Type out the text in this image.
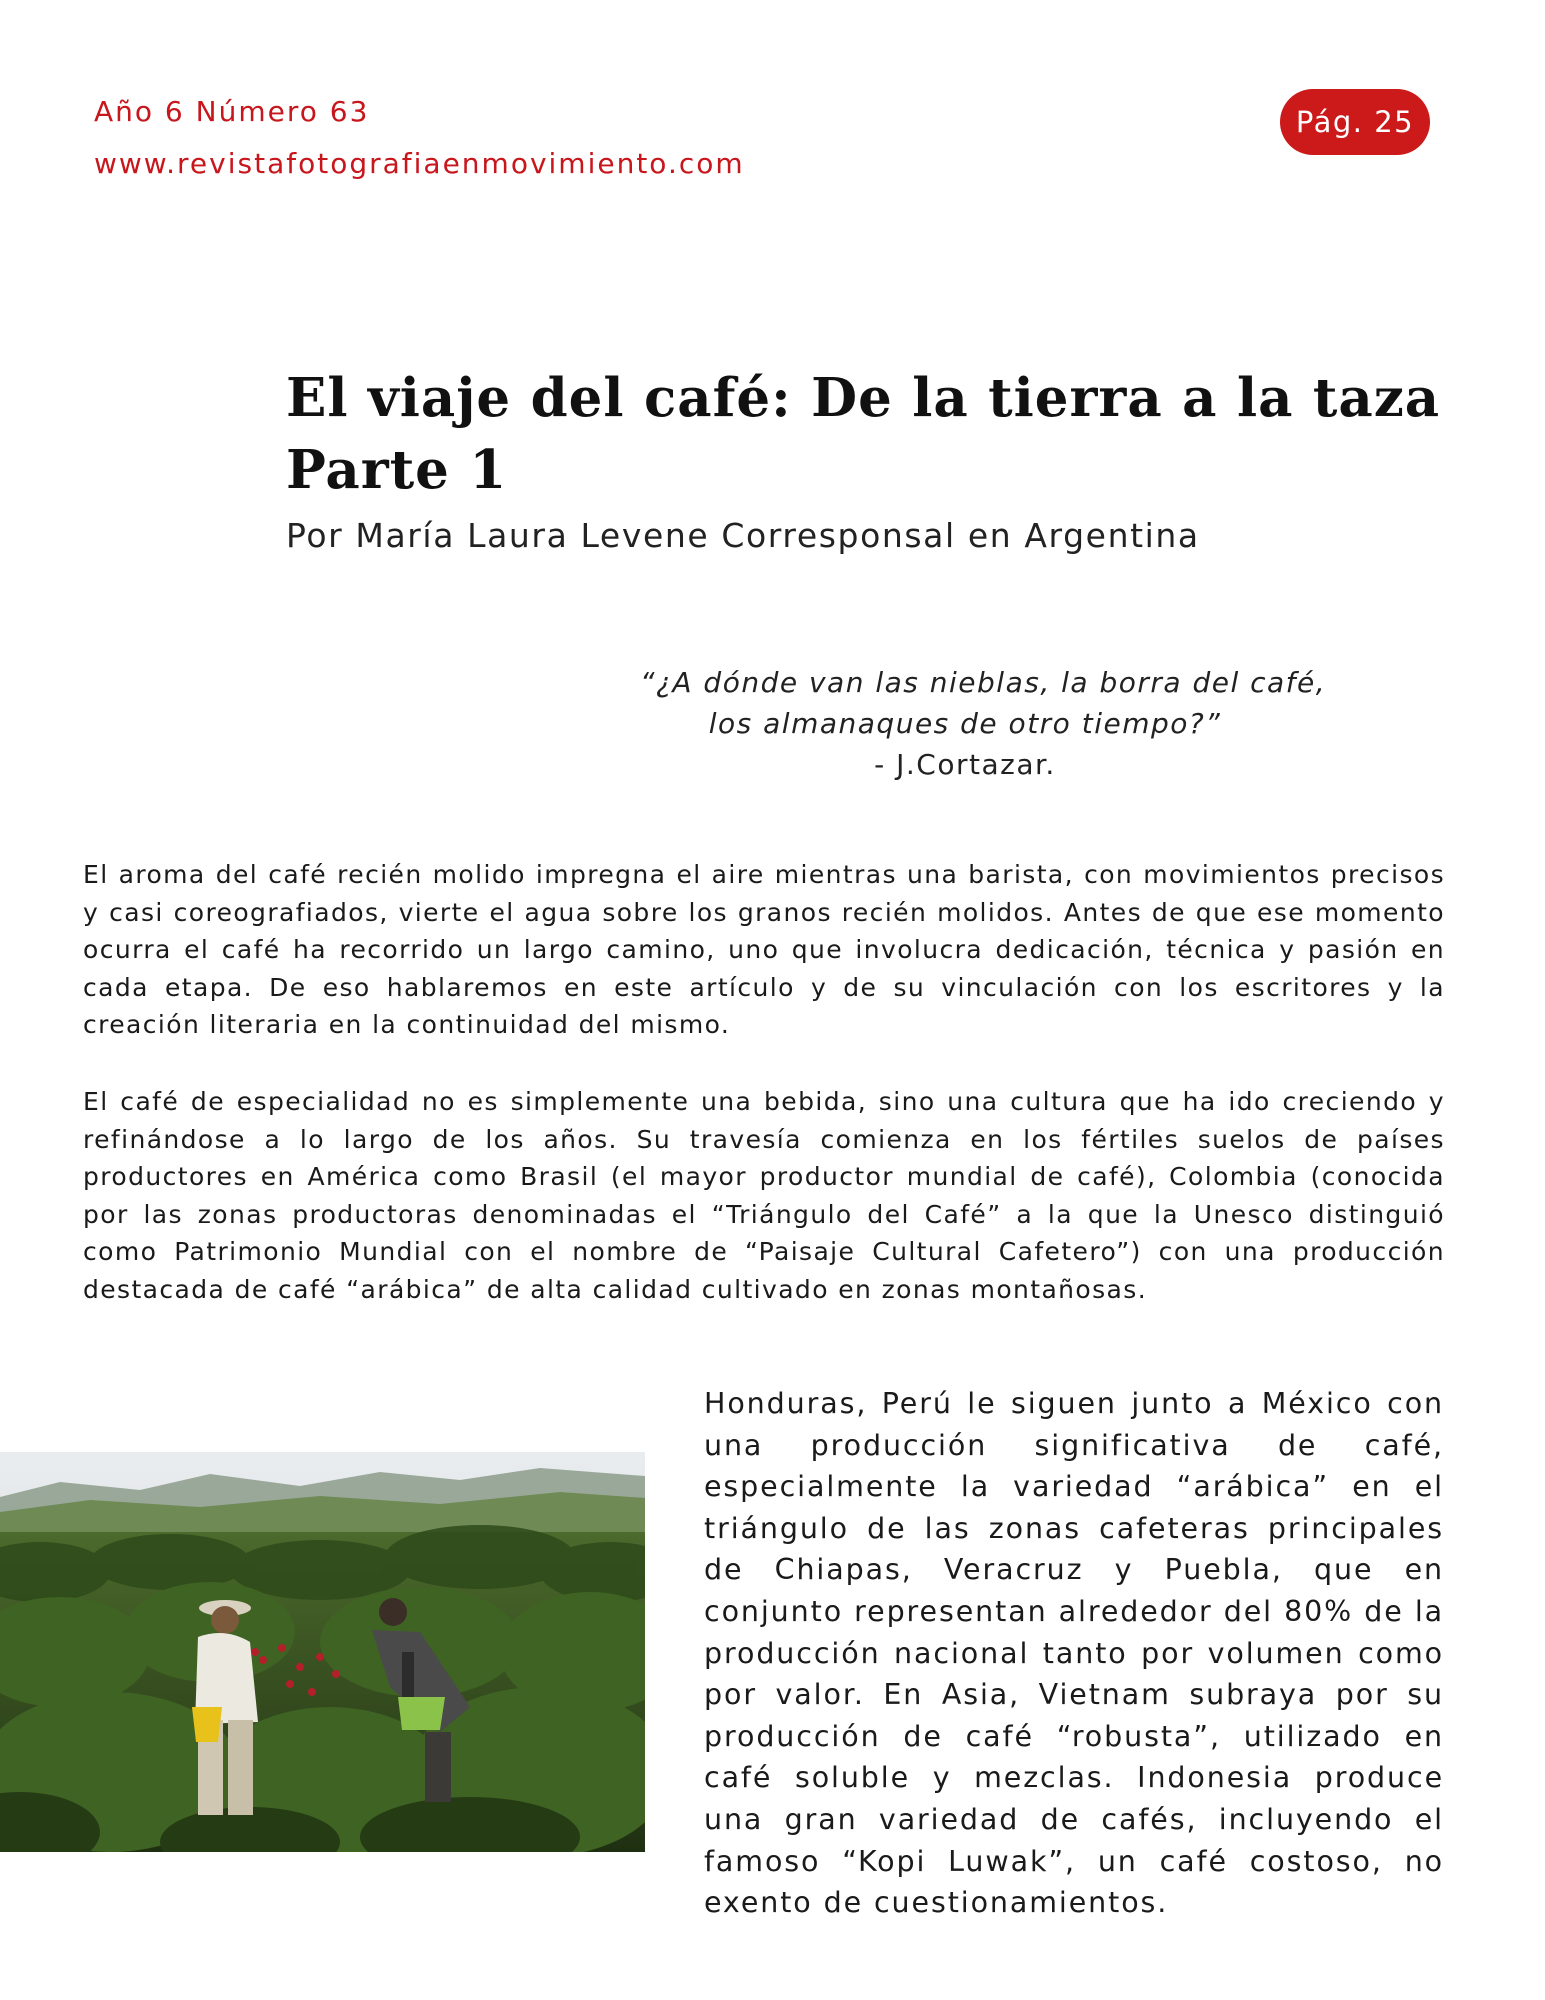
Año 6 Número 63
www.revistafotografiaenmovimiento.com
Pág. 25
El viaje del café: De la tierra a la taza
Parte 1
Por María Laura Levene Corresponsal en Argentina
“¿A dónde van las nieblas, la borra del café,
los almanaques de otro tiempo?”
- J.Cortazar.

El aroma del café recién molido impregna el aire mientras una barista, con movimientos precisos y casi coreografiados, vierte el agua sobre los granos recién molidos. Antes de que ese momento ocurra el café ha recorrido un largo camino, uno que involucra dedicación, técnica y pasión en cada etapa. De eso hablaremos en este artículo y de su vinculación con los escritores y la creación literaria en la continuidad del mismo.

El café de especialidad no es simplemente una bebida, sino una cultura que ha ido creciendo y refinándose a lo largo de los años. Su travesía comienza en los fértiles suelos de países productores en América como Brasil (el mayor productor mundial de café), Colombia (conocida por las zonas productoras denominadas el “Triángulo del Café” a la que la Unesco distinguió como Patrimonio Mundial con el nombre de “Paisaje Cultural Cafetero”) con una producción destacada de café “arábica” de alta calidad cultivado en zonas montañosas.

Honduras, Perú le siguen junto a México con una producción significativa de café, especialmente la variedad “arábica” en el triángulo de las zonas cafeteras principales de Chiapas, Veracruz y Puebla, que en conjunto representan alrededor del 80% de la producción nacional tanto por volumen como por valor. En Asia, Vietnam subraya por su producción de café “robusta”, utilizado en café soluble y mezclas. Indonesia produce una gran variedad de cafés, incluyendo el famoso “Kopi Luwak”, un café costoso, no exento de cuestionamientos.
